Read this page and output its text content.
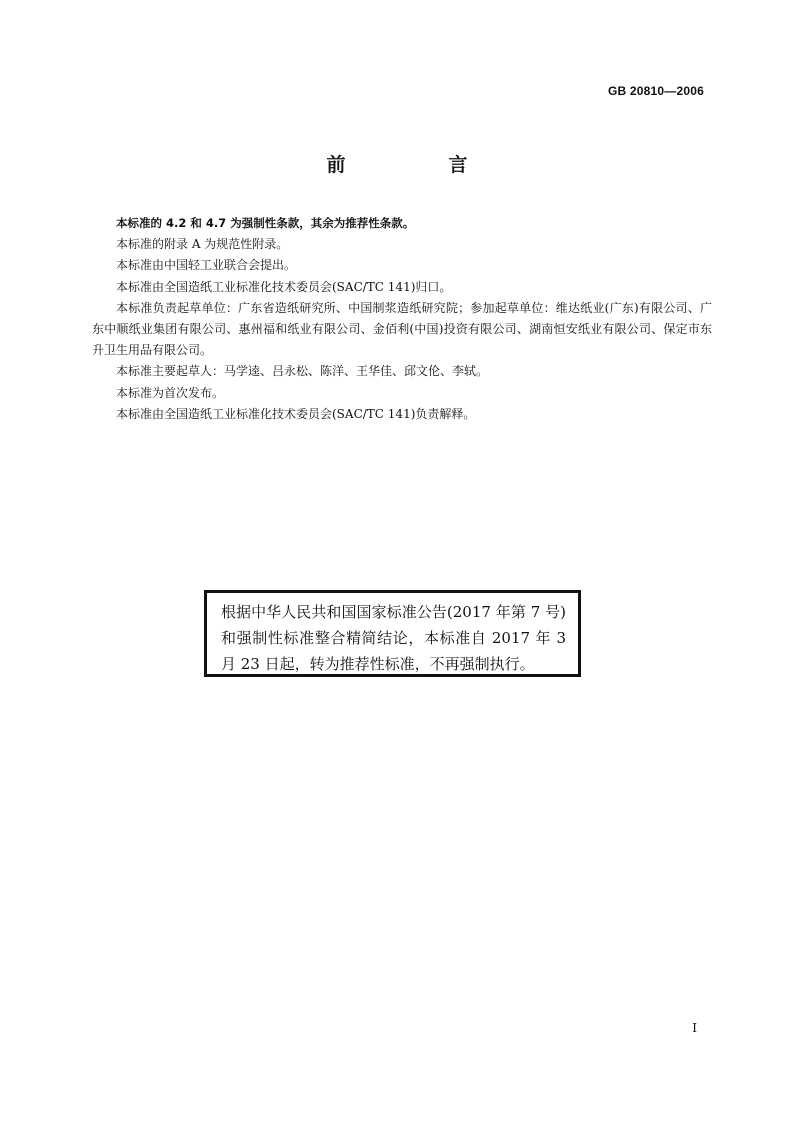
GB 20810—2006
前　言

本标准的 4.2 和 4.7 为强制性条款，其余为推荐性条款。

本标准的附录 A 为规范性附录。

本标准由中国轻工业联合会提出。

本标准由全国造纸工业标准化技术委员会(SAC/TC 141)归口。

本标准负责起草单位：广东省造纸研究所、中国制浆造纸研究院；参加起草单位：维达纸业(广东)有限公司、广东中顺纸业集团有限公司、惠州福和纸业有限公司、金佰利(中国)投资有限公司、湖南恒安纸业有限公司、保定市东升卫生用品有限公司。

本标准主要起草人：马学逵、吕永松、陈洋、王华佳、邱文伦、李轼。

本标准为首次发布。

本标准由全国造纸工业标准化技术委员会(SAC/TC 141)负责解释。

根据中华人民共和国国家标准公告(2017 年第 7 号)和强制性标准整合精简结论，本标准自 2017 年 3 月 23 日起，转为推荐性标准，不再强制执行。
I
